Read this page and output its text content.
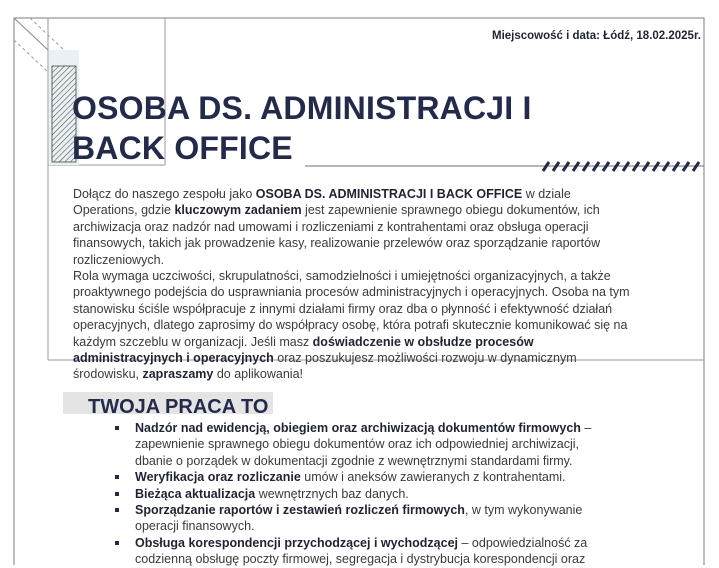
Miejscowość i data: Łódź, 18.02.2025r.
OSOBA DS. ADMINISTRACJI I
BACK OFFICE

Dołącz do naszego zespołu jako OSOBA DS. ADMINISTRACJI I BACK OFFICE w dziale Operations, gdzie kluczowym zadaniem jest zapewnienie sprawnego obiegu dokumentów, ich archiwizacja oraz nadzór nad umowami i rozliczeniami z kontrahentami oraz obsługa operacji finansowych, takich jak prowadzenie kasy, realizowanie przelewów oraz sporządzanie raportów rozliczeniowych.

Rola wymaga uczciwości, skrupulatności, samodzielności i umiejętności organizacyjnych, a także proaktywnego podejścia do usprawniania procesów administracyjnych i operacyjnych. Osoba na tym stanowisku ściśle współpracuje z innymi działami firmy oraz dba o płynność i efektywność działań operacyjnych, dlatego zaprosimy do współpracy osobę, która potrafi skutecznie komunikować się na każdym szczeblu w organizacji. Jeśli masz doświadczenie w obsłudze procesów administracyjnych i operacyjnych oraz poszukujesz możliwości rozwoju w dynamicznym środowisku, zapraszamy do aplikowania!

TWOJA PRACA TO
Nadzór nad ewidencją, obiegiem oraz archiwizacją dokumentów firmowych – zapewnienie sprawnego obiegu dokumentów oraz ich odpowiedniej archiwizacji, dbanie o porządek w dokumentacji zgodnie z wewnętrznymi standardami firmy.
Weryfikacja oraz rozliczanie umów i aneksów zawieranych z kontrahentami.
Bieżąca aktualizacja wewnętrznych baz danych.
Sporządzanie raportów i zestawień rozliczeń firmowych, w tym wykonywanie operacji finansowych.
Obsługa korespondencji przychodzącej i wychodzącej – odpowiedzialność za codzienną obsługę poczty firmowej, segregacja i dystrybucja korespondencji oraz
